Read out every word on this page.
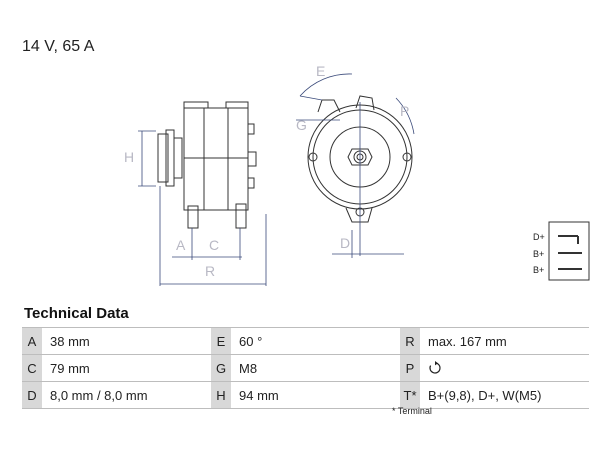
14 V, 65 A
H
A C
R
E
P
G
D	D+
B+
B+
Technical Data
A	38 mm	E	60 °	R	max. 167 mm
C	79 mm	G M8	P
D	8,0 mm / 8,0 mm	H	94 mm	T* B+(9,8), D+, W(M5)
* Terminal
